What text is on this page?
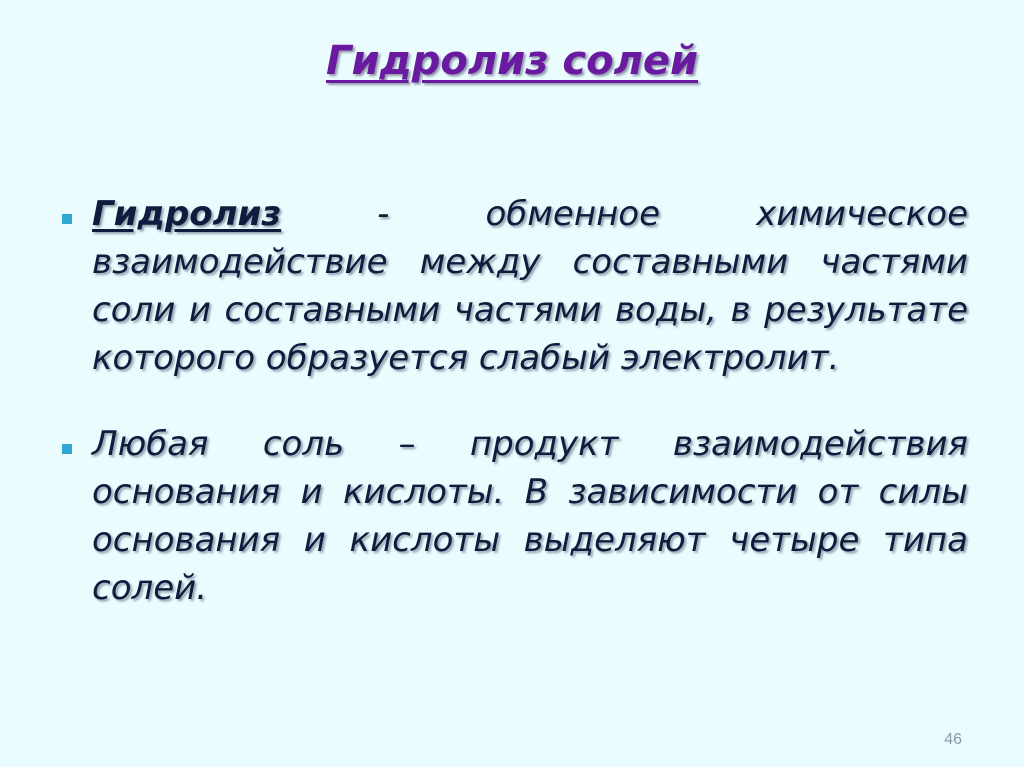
Гидролиз солей
Гидролиз - обменное химическое взаимодействие между составными частями соли и составными частями воды, в результате которого образуется слабый электролит.
Любая соль – продукт взаимодействия основания и кислоты. В зависимости от силы основания и кислоты выделяют четыре типа солей.
46
